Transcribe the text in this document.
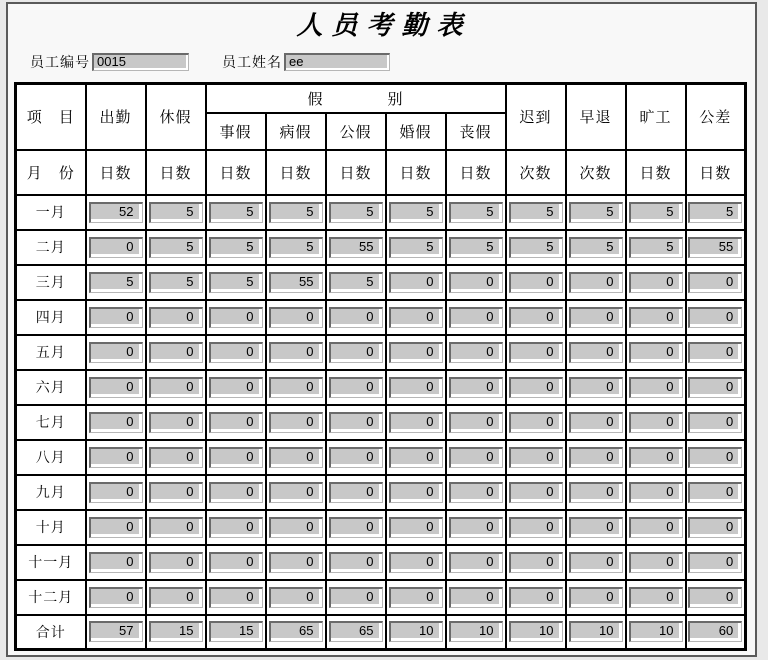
人员考勤表
员工编号 0015	员工姓名 ee
项　目	出勤	休假	假 别					迟到	早退	旷工	公差
			事假	病假	公假	婚假	丧假				
月　份	日数	日数	日数	日数	日数	日数	日数	次数	次数	日数	日数
一月	52	5	5	5	5	5	5	5	5	5	5

二月	0	5	5	5	55	5	5	5	5	5	55

三月	5	5	5	55	5	0	0	0	0	0	0

四月	0	0	0	0	0	0	0	0	0	0	0

五月	0	0	0	0	0	0	0	0	0	0	0

六月	0	0	0	0	0	0	0	0	0	0	0

七月	0	0	0	0	0	0	0	0	0	0	0

八月	0	0	0	0	0	0	0	0	0	0	0

九月	0	0	0	0	0	0	0	0	0	0	0

十月	0	0	0	0	0	0	0	0	0	0	0

十一月	0	0	0	0	0	0	0	0	0	0	0

十二月	0	0	0	0	0	0	0	0	0	0	0

合计	57	15	15	65	65	10	10	10	10	10	60
